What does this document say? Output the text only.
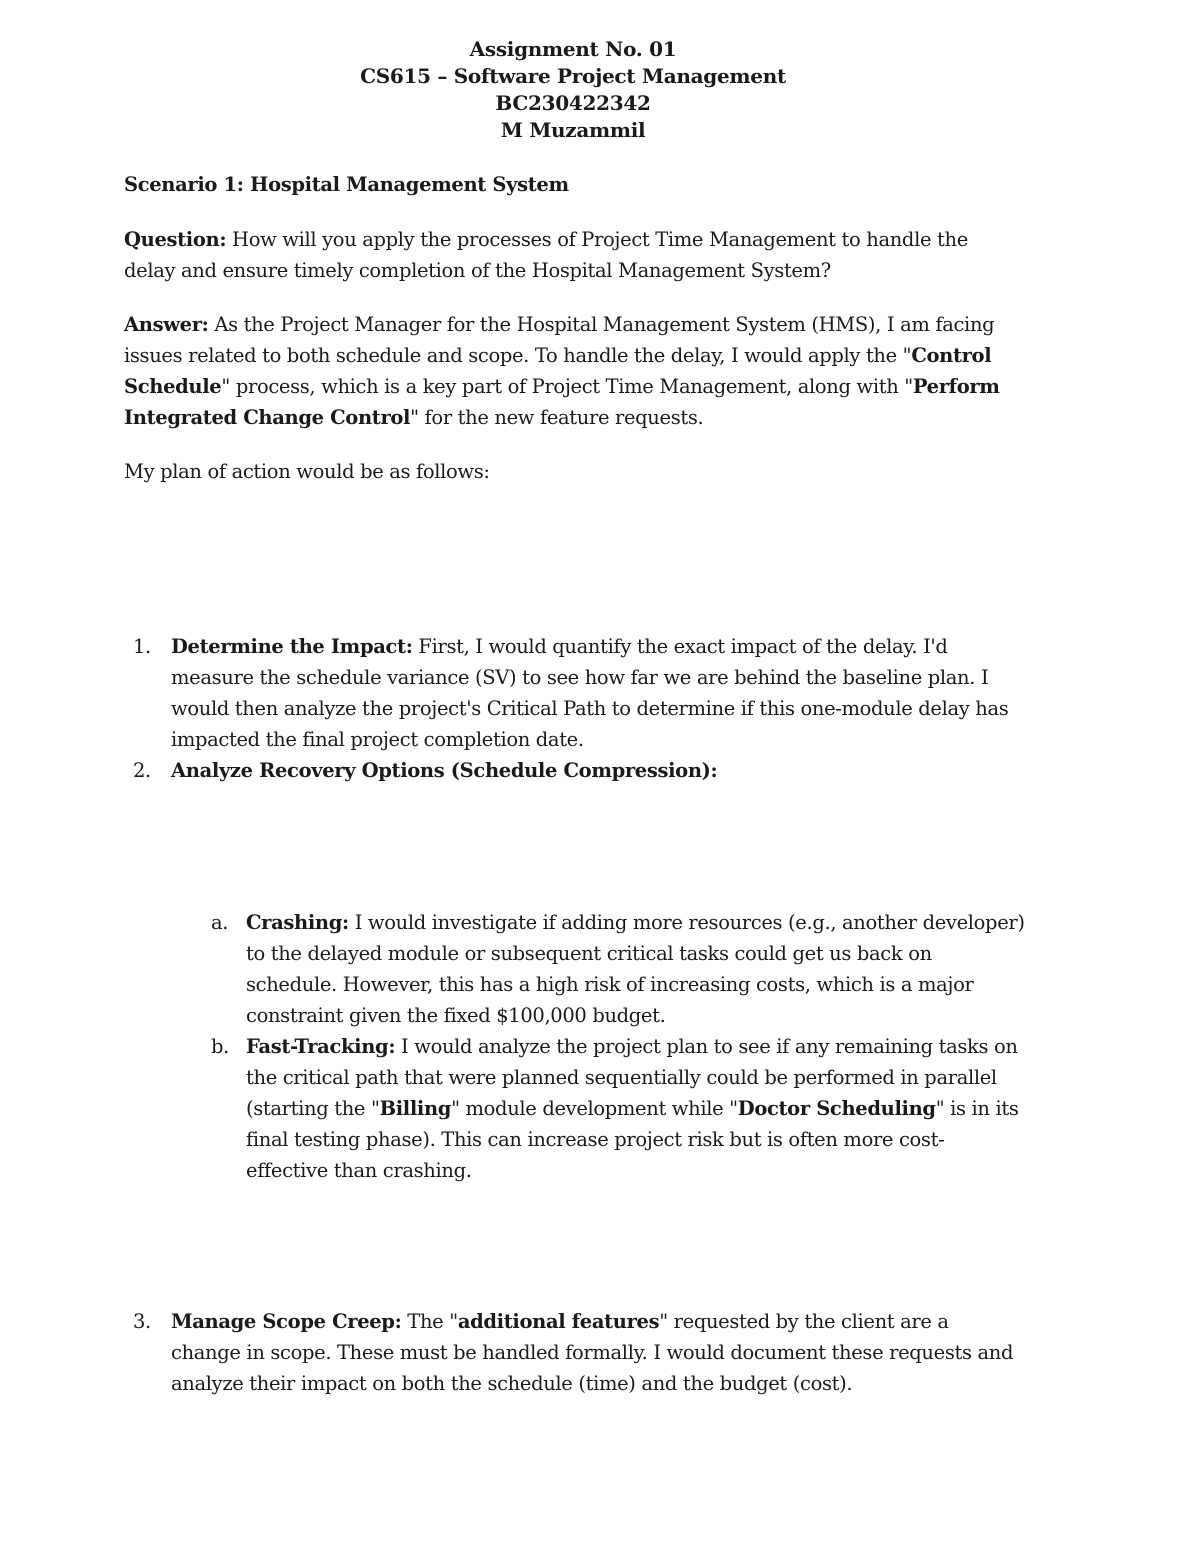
Assignment No. 01
CS615 – Software Project Management
BC230422342
M Muzammil

Scenario 1: Hospital Management System

Question: How will you apply the processes of Project Time Management to handle the delay and ensure timely completion of the Hospital Management System?

Answer: As the Project Manager for the Hospital Management System (HMS), I am facing issues related to both schedule and scope. To handle the delay, I would apply the "Control Schedule" process, which is a key part of Project Time Management, along with "Perform Integrated Change Control" for the new feature requests.

My plan of action would be as follows:

1. Determine the Impact: First, I would quantify the exact impact of the delay. I'd measure the schedule variance (SV) to see how far we are behind the baseline plan. I would then analyze the project's Critical Path to determine if this one-module delay has impacted the final project completion date.
2. Analyze Recovery Options (Schedule Compression):
a. Crashing: I would investigate if adding more resources (e.g., another developer) to the delayed module or subsequent critical tasks could get us back on schedule. However, this has a high risk of increasing costs, which is a major constraint given the fixed $100,000 budget.
b. Fast-Tracking: I would analyze the project plan to see if any remaining tasks on the critical path that were planned sequentially could be performed in parallel (starting the "Billing" module development while "Doctor Scheduling" is in its final testing phase). This can increase project risk but is often more cost-effective than crashing.
3. Manage Scope Creep: The "additional features" requested by the client are a change in scope. These must be handled formally. I would document these requests and analyze their impact on both the schedule (time) and the budget (cost).
